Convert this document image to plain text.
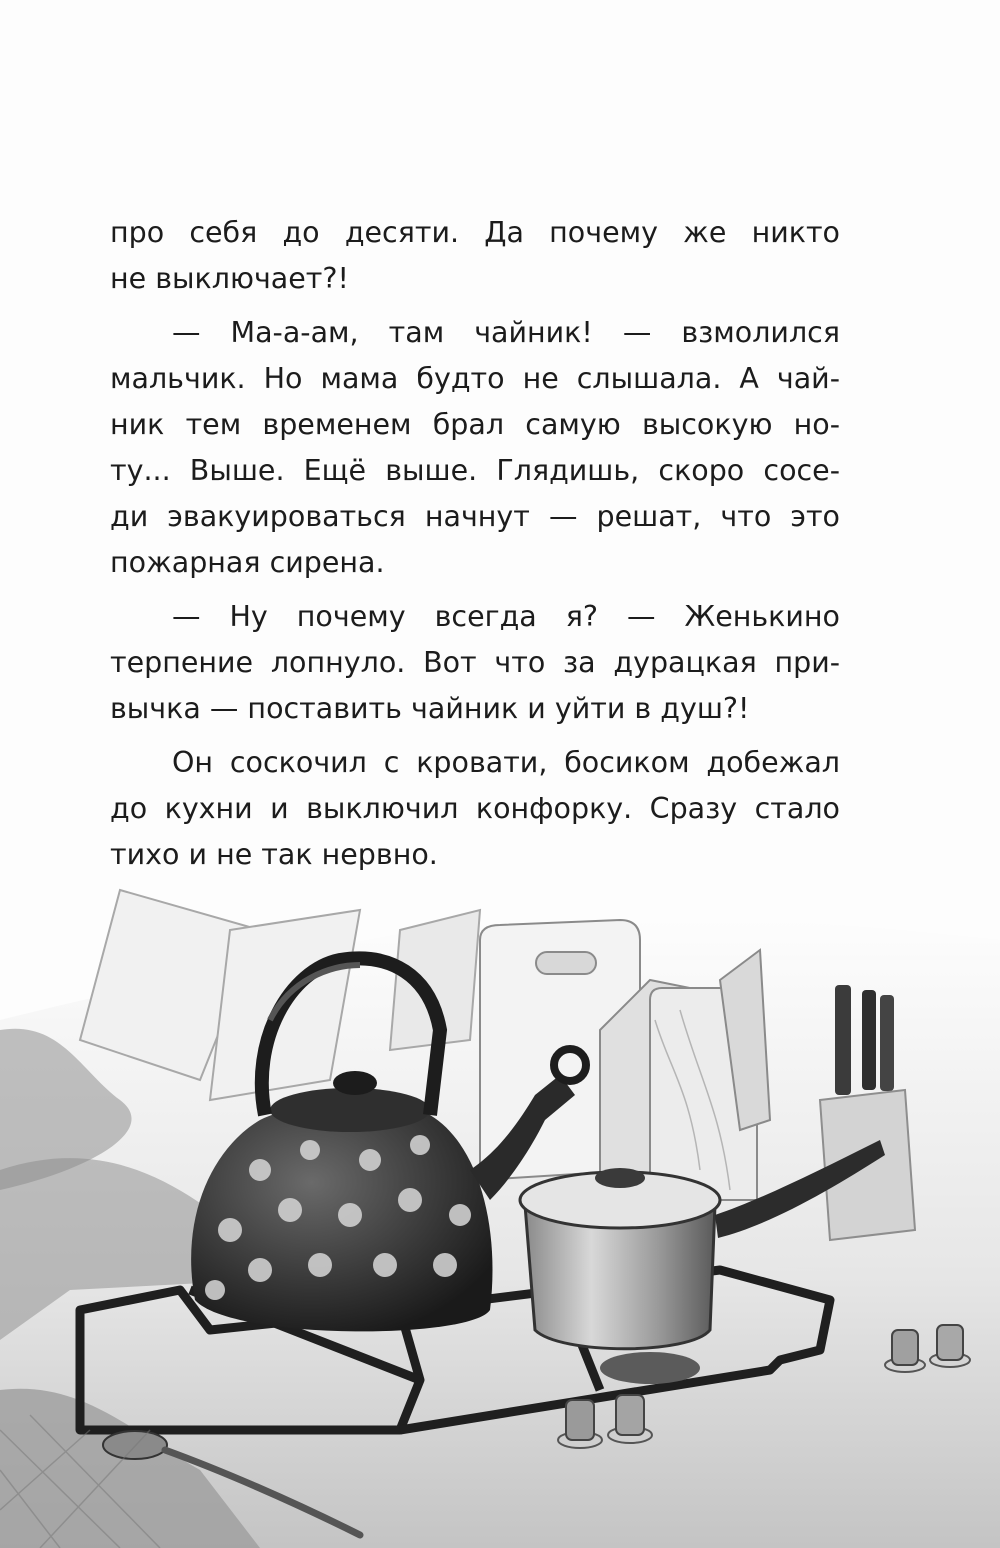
про себя до десяти. Да почему же никто
не выключает?!
— Ма-а-ам, там чайник! — взмолился
мальчик. Но мама будто не слышала. А чай-
ник тем временем брал самую высокую но-
ту... Выше. Ещё выше. Глядишь, скоро сосе-
ди эвакуироваться начнут — решат, что это
пожарная сирена.
— Ну почему всегда я? — Женькино
терпение лопнуло. Вот что за дурацкая при-
вычка — поставить чайник и уйти в душ?!
Он соскочил с кровати, босиком добежал
до кухни и выключил конфорку. Сразу стало
тихо и не так нервно.
